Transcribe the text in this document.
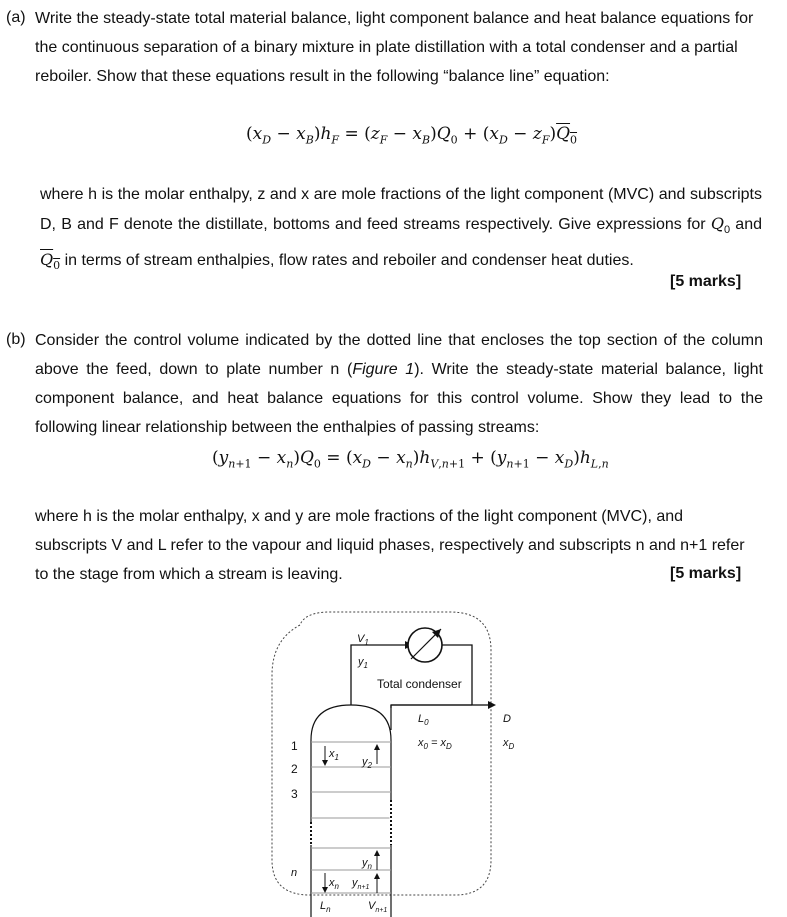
(a) Write the steady-state total material balance, light component balance and heat balance equations for the continuous separation of a binary mixture in plate distillation with a total condenser and a partial reboiler. Show that these equations result in the following “balance line” equation:
$(x_D - x_B)h_F = (z_F - x_B)Q_0 + (x_D - z_F)Q_0$
where h is the molar enthalpy, z and x are mole fractions of the light component (MVC) and subscripts D, B and F denote the distillate, bottoms and feed streams respectively. Give expressions for $Q_0$ and $Q_0$ in terms of stream enthalpies, flow rates and reboiler and condenser heat duties.
[5 marks]
(b) Consider the control volume indicated by the dotted line that encloses the top section of the column above the feed, down to plate number n (Figure 1). Write the steady-state material balance, light component balance, and heat balance equations for this control volume. Show they lead to the following linear relationship between the enthalpies of passing streams:
$(y_{n+1} - x_n)Q_0 = (x_D - x_n)h_{V,n+1} + (y_{n+1} - x_D)h_{L,n}$
where h is the molar enthalpy, x and y are mole fractions of the light component (MVC), and subscripts V and L refer to the vapour and liquid phases, respectively and subscripts n and n+1 refer to the stage from which a stream is leaving.	[5 marks]
$V_1$
$y_1$
Total condenser
$L_0$
$x_0 = x_D$
D
$x_D$
1
2
3
n
$x_1$ $y_2$
$y_n$
$x_n$ $y_{n+1}$
$L_n$	$V_{n+1}$
